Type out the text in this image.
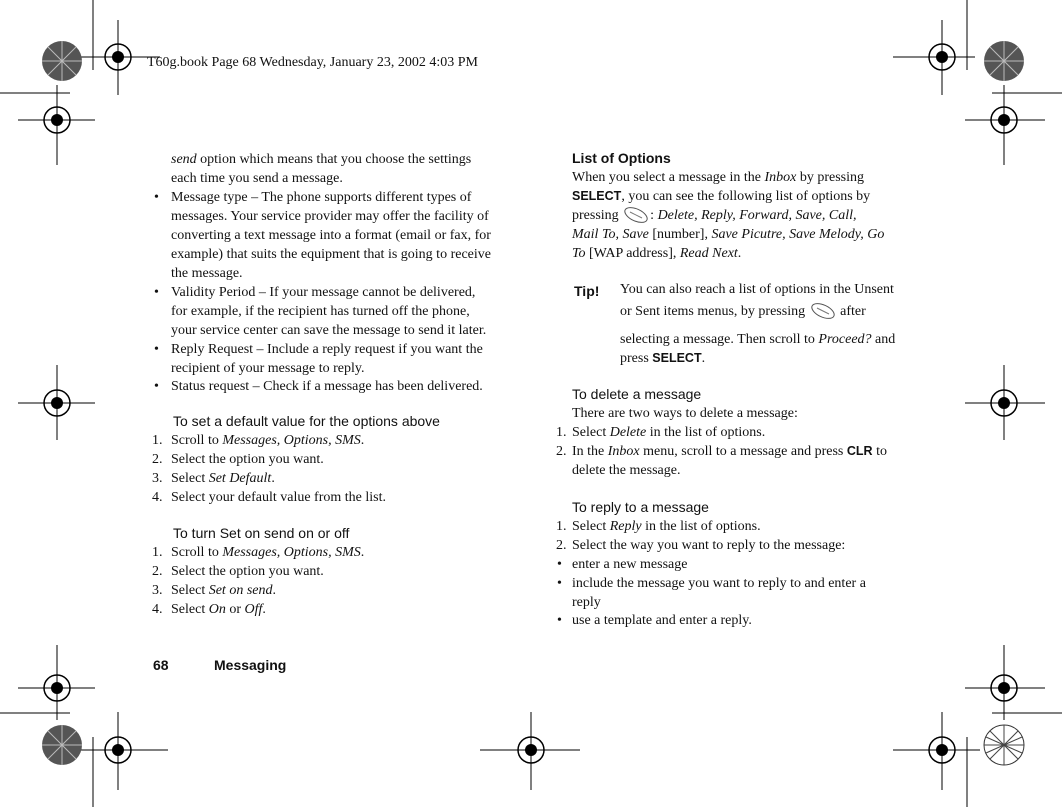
T60g.book Page 68 Wednesday, January 23, 2002 4:03 PM
send option which means that you choose the settings
each time you send a message.
• Message type – The phone supports different types of
messages. Your service provider may offer the facility of
converting a text message into a format (email or fax, for
example) that suits the equipment that is going to receive
the message.
• Validity Period – If your message cannot be delivered,
for example, if the recipient has turned off the phone,
your service center can save the message to send it later.
• Reply Request – Include a reply request if you want the
recipient of your message to reply.
• Status request – Check if a message has been delivered.
To set a default value for the options above
1. Scroll to Messages, Options, SMS.
2. Select the option you want.
3. Select Set Default.
4. Select your default value from the list.
To turn Set on send on or off
1. Scroll to Messages, Options, SMS.
2. Select the option you want.
3. Select Set on send.
4. Select On or Off.
List of Options
When you select a message in the Inbox by pressing
SELECT, you can see the following list of options by
pressing : Delete, Reply, Forward, Save, Call,
Mail To, Save [number], Save Picutre, Save Melody, Go
To [WAP address], Read Next.
Tip! You can also reach a list of options in the Unsent
or Sent items menus, by pressing	after
selecting a message. Then scroll to Proceed? and
press SELECT.
To delete a message
There are two ways to delete a message:
1. Select Delete in the list of options.
2. In the Inbox menu, scroll to a message and press CLR to
delete the message.
To reply to a message
1. Select Reply in the list of options.
2. Select the way you want to reply to the message:
• enter a new message
• include the message you want to reply to and enter a
reply
• use a template and enter a reply.
68	Messaging
